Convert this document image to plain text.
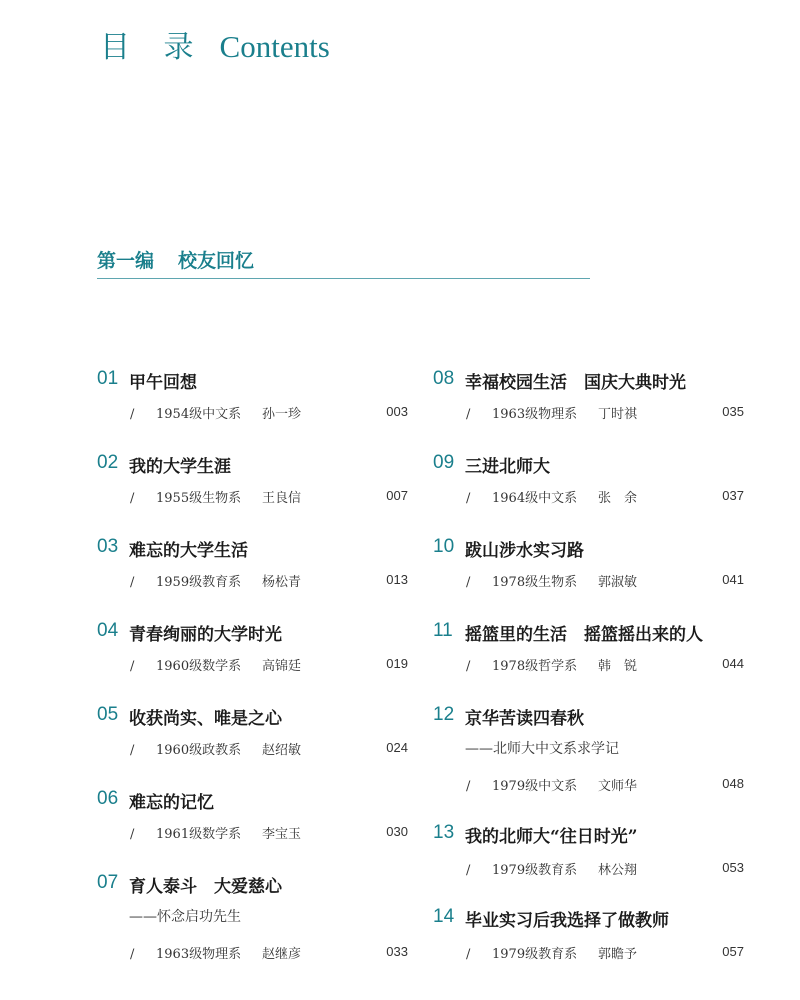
目 录 Contents
第一编 校友回忆
01 甲午回想
/ 1954级中文系 孙一珍	003
02 我的大学生涯
/ 1955级生物系 王良信	007
03 难忘的大学生活
/ 1959级教育系 杨松青	013
04 青春绚丽的大学时光
/ 1960级数学系 高锦廷	019
05 收获尚实、唯是之心
/ 1960级政教系 赵绍敏	024
06 难忘的记忆
/ 1961级数学系 李宝玉	030
07 育人泰斗　大爱慈心
——怀念启功先生
/ 1963级物理系 赵继彦	033
08 幸福校园生活　国庆大典时光
/ 1963级物理系 丁时祺	035
09 三进北师大
/ 1964级中文系 张　余	037
10 跋山涉水实习路
/ 1978级生物系 郭淑敏	041
11 摇篮里的生活　摇篮摇出来的人
/ 1978级哲学系 韩　锐	044
12 京华苦读四春秋
——北师大中文系求学记
/ 1979级中文系 文师华	048
13 我的北师大“往日时光”
/ 1979级教育系 林公翔	053
14 毕业实习后我选择了做教师
/ 1979级教育系 郭瞻予	057
